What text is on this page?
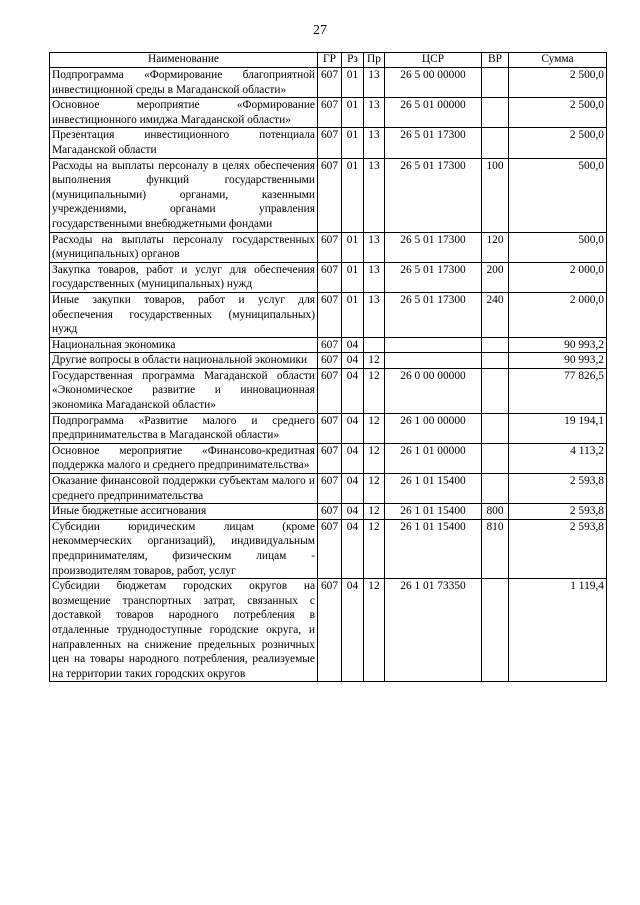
27
Наименование	ГР	Рз	Пр	ЦСР	ВР	Сумма
Подпрограмма «Формирование благоприятной инвестиционной среды в Магаданской области»	607	01	13	26 5 00 00000		2 500,0
Основное мероприятие «Формирование инвестиционного имиджа Магаданской области»	607	01	13	26 5 01 00000		2 500,0
Презентация инвестиционного потенциала Магаданской области	607	01	13	26 5 01 17300		2 500,0
Расходы на выплаты персоналу в целях обеспечения выполнения функций государственными (муниципальными) органами, казенными учреждениями, органами управления государственными внебюджетными фондами	607	01	13	26 5 01 17300	100	500,0
Расходы на выплаты персоналу государственных (муниципальных) органов	607	01	13	26 5 01 17300	120	500,0
Закупка товаров, работ и услуг для обеспечения государственных (муниципальных) нужд	607	01	13	26 5 01 17300	200	2 000,0
Иные закупки товаров, работ и услуг для обеспечения государственных (муниципальных) нужд	607	01	13	26 5 01 17300	240	2 000,0
Национальная экономика	607	04				90 993,2
Другие вопросы в области национальной экономики	607	04	12			90 993,2
Государственная программа Магаданской области «Экономическое развитие и инновационная экономика Магаданской области»	607	04	12	26 0 00 00000		77 826,5
Подпрограмма «Развитие малого и среднего предпринимательства в Магаданской области»	607	04	12	26 1 00 00000		19 194,1
Основное мероприятие «Финансово-кредитная поддержка малого и среднего предпринимательства»	607	04	12	26 1 01 00000		4 113,2
Оказание финансовой поддержки субъектам малого и среднего предпринимательства	607	04	12	26 1 01 15400		2 593,8
Иные бюджетные ассигнования	607	04	12	26 1 01 15400	800	2 593,8
Субсидии юридическим лицам (кроме некоммерческих организаций), индивидуальным предпринимателям, физическим лицам - производителям товаров, работ, услуг	607	04	12	26 1 01 15400	810	2 593,8
Субсидии бюджетам городских округов на возмещение транспортных затрат, связанных с доставкой товаров народного потребления в отдаленные труднодоступные городские округа, и направленных на снижение предельных розничных цен на товары народного потребления, реализуемые на территории таких городских округов	607	04	12	26 1 01 73350		1 119,4
